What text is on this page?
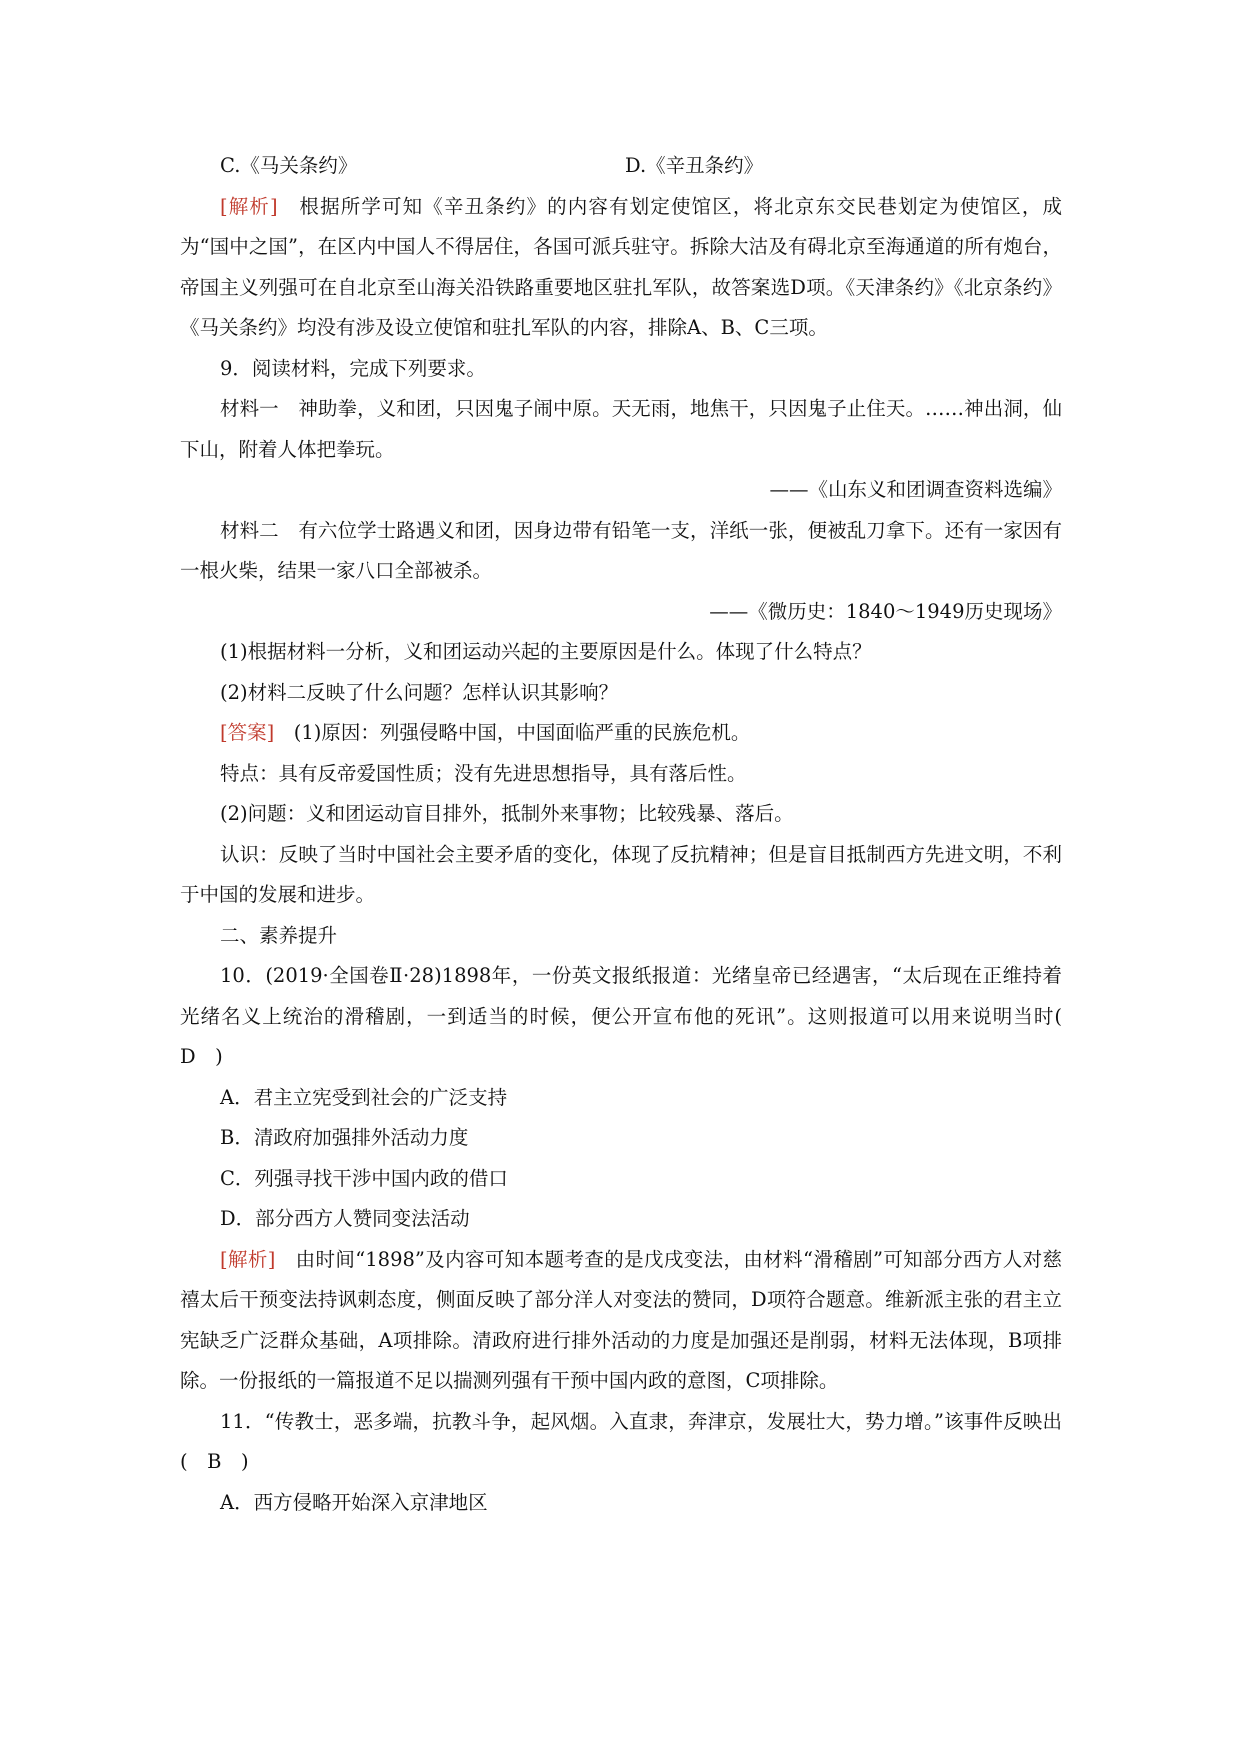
C.《马关条约》	D.《辛丑条约》

[解析]　根据所学可知《辛丑条约》的内容有划定使馆区，将北京东交民巷划定为使馆区，成为“国中之国”，在区内中国人不得居住，各国可派兵驻守。拆除大沽及有碍北京至海通道的所有炮台，帝国主义列强可在自北京至山海关沿铁路重要地区驻扎军队，故答案选D项。《天津条约》《北京条约》《马关条约》均没有涉及设立使馆和驻扎军队的内容，排除A、B、C三项。

9．阅读材料，完成下列要求。

材料一　神助拳，义和团，只因鬼子闹中原。天无雨，地焦干，只因鬼子止住天。……神出洞，仙下山，附着人体把拳玩。

——《山东义和团调查资料选编》

材料二　有六位学士路遇义和团，因身边带有铅笔一支，洋纸一张，便被乱刀拿下。还有一家因有一根火柴，结果一家八口全部被杀。

——《微历史：1840～1949历史现场》

(1)根据材料一分析，义和团运动兴起的主要原因是什么。体现了什么特点？

(2)材料二反映了什么问题？怎样认识其影响？

[答案]　(1)原因：列强侵略中国，中国面临严重的民族危机。

特点：具有反帝爱国性质；没有先进思想指导，具有落后性。

(2)问题：义和团运动盲目排外，抵制外来事物；比较残暴、落后。

认识：反映了当时中国社会主要矛盾的变化，体现了反抗精神；但是盲目抵制西方先进文明，不利于中国的发展和进步。

二、素养提升

10．(2019·全国卷Ⅱ·28)1898年，一份英文报纸报道：光绪皇帝已经遇害，“太后现在正维持着光绪名义上统治的滑稽剧，一到适当的时候，便公开宣布他的死讯”。这则报道可以用来说明当时(　D　)

A．君主立宪受到社会的广泛支持

B．清政府加强排外活动力度

C．列强寻找干涉中国内政的借口

D．部分西方人赞同变法活动

[解析]　由时间“1898”及内容可知本题考查的是戊戌变法，由材料“滑稽剧”可知部分西方人对慈禧太后干预变法持讽刺态度，侧面反映了部分洋人对变法的赞同，D项符合题意。维新派主张的君主立宪缺乏广泛群众基础，A项排除。清政府进行排外活动的力度是加强还是削弱，材料无法体现，B项排除。一份报纸的一篇报道不足以揣测列强有干预中国内政的意图，C项排除。

11．“传教士，恶多端，抗教斗争，起风烟。入直隶，奔津京，发展壮大，势力增。”该事件反映出(　B　)

A．西方侵略开始深入京津地区
